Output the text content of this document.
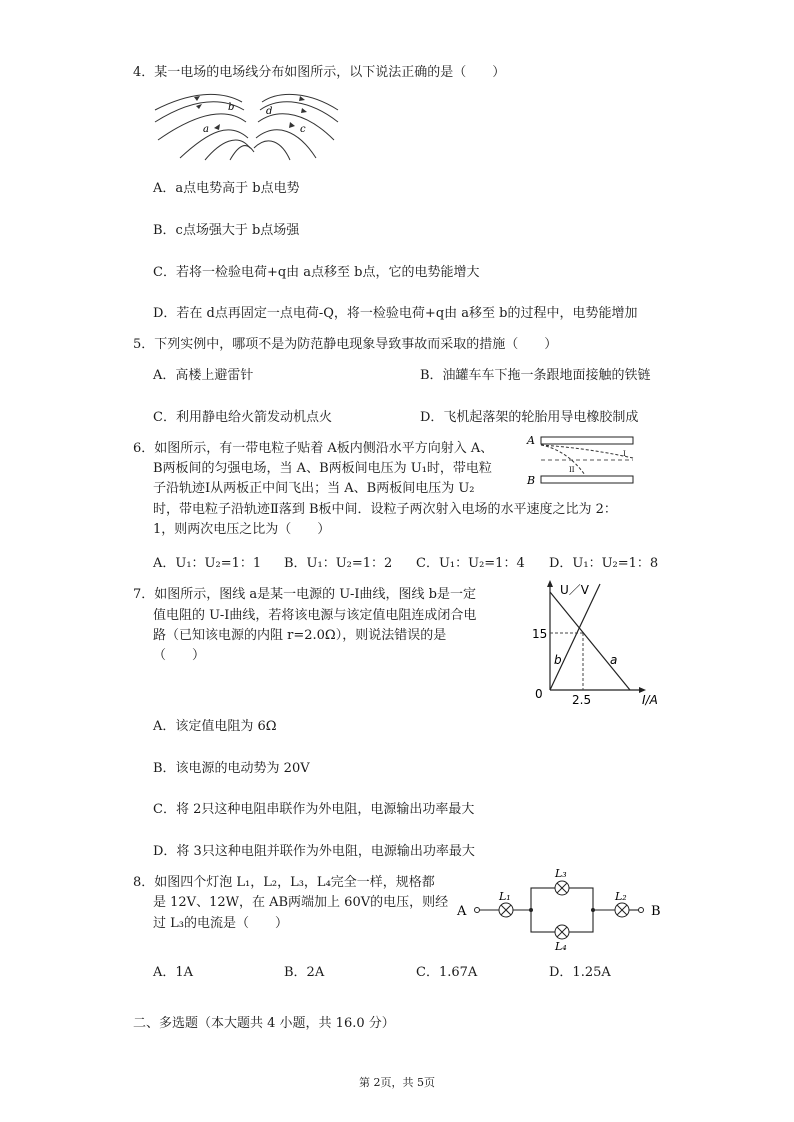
4．某一电场的电场线分布如图所示，以下说法正确的是（　　）
b	d
a	c
A．a点电势高于 b点电势
B．c点场强大于 b点场强
C．若将一检验电荷+q由 a点移至 b点，它的电势能增大
D．若在 d点再固定一点电荷-Q，将一检验电荷+q由 a移至 b的过程中，电势能增加
5．下列实例中，哪项不是为防范静电现象导致事故而采取的措施（　　）
A．高楼上避雷针	B．油罐车车下拖一条跟地面接触的铁链
C．利用静电给火箭发动机点火	D．飞机起落架的轮胎用导电橡胶制成
6．如图所示，有一带电粒子贴着 A板内侧沿水平方向射入 A、
B两板间的匀强电场，当 A、B两板间电压为 U₁时，带电粒
子沿轨迹Ⅰ从两板正中间飞出；当 A、B两板间电压为 U₂
时，带电粒子沿轨迹Ⅱ落到 B板中间．设粒子两次射入电场的水平速度之比为 2：
1，则两次电压之比为（　　）
A
B
I
II
A．U₁：U₂=1：1 B．U₁：U₂=1：2 C．U₁：U₂=1：4 D．U₁：U₂=1：8
7．如图所示，图线 a是某一电源的 U-I曲线，图线 b是一定
值电阻的 U-I曲线，若将该电源与该定值电阻连成闭合电
路（已知该电源的内阻 r=2.0Ω），则说法错误的是
（　　）
U／V
I/A
15
2.5
0
a
b
A．该定值电阻为 6Ω
B．该电源的电动势为 20V
C．将 2只这种电阻串联作为外电阻，电源输出功率最大
D．将 3只这种电阻并联作为外电阻，电源输出功率最大
8．如图四个灯泡 L₁，L₂，L₃，L₄完全一样，规格都
是 12V、12W，在 AB两端加上 60V的电压，则经
过 L₃的电流是（　　）
A	B
L₁	L₂
L₃
L₄
A．1A	B．2A	C．1.67A	D．1.25A
二、多选题（本大题共 4 小题，共 16.0 分）
第 2页，共 5页
